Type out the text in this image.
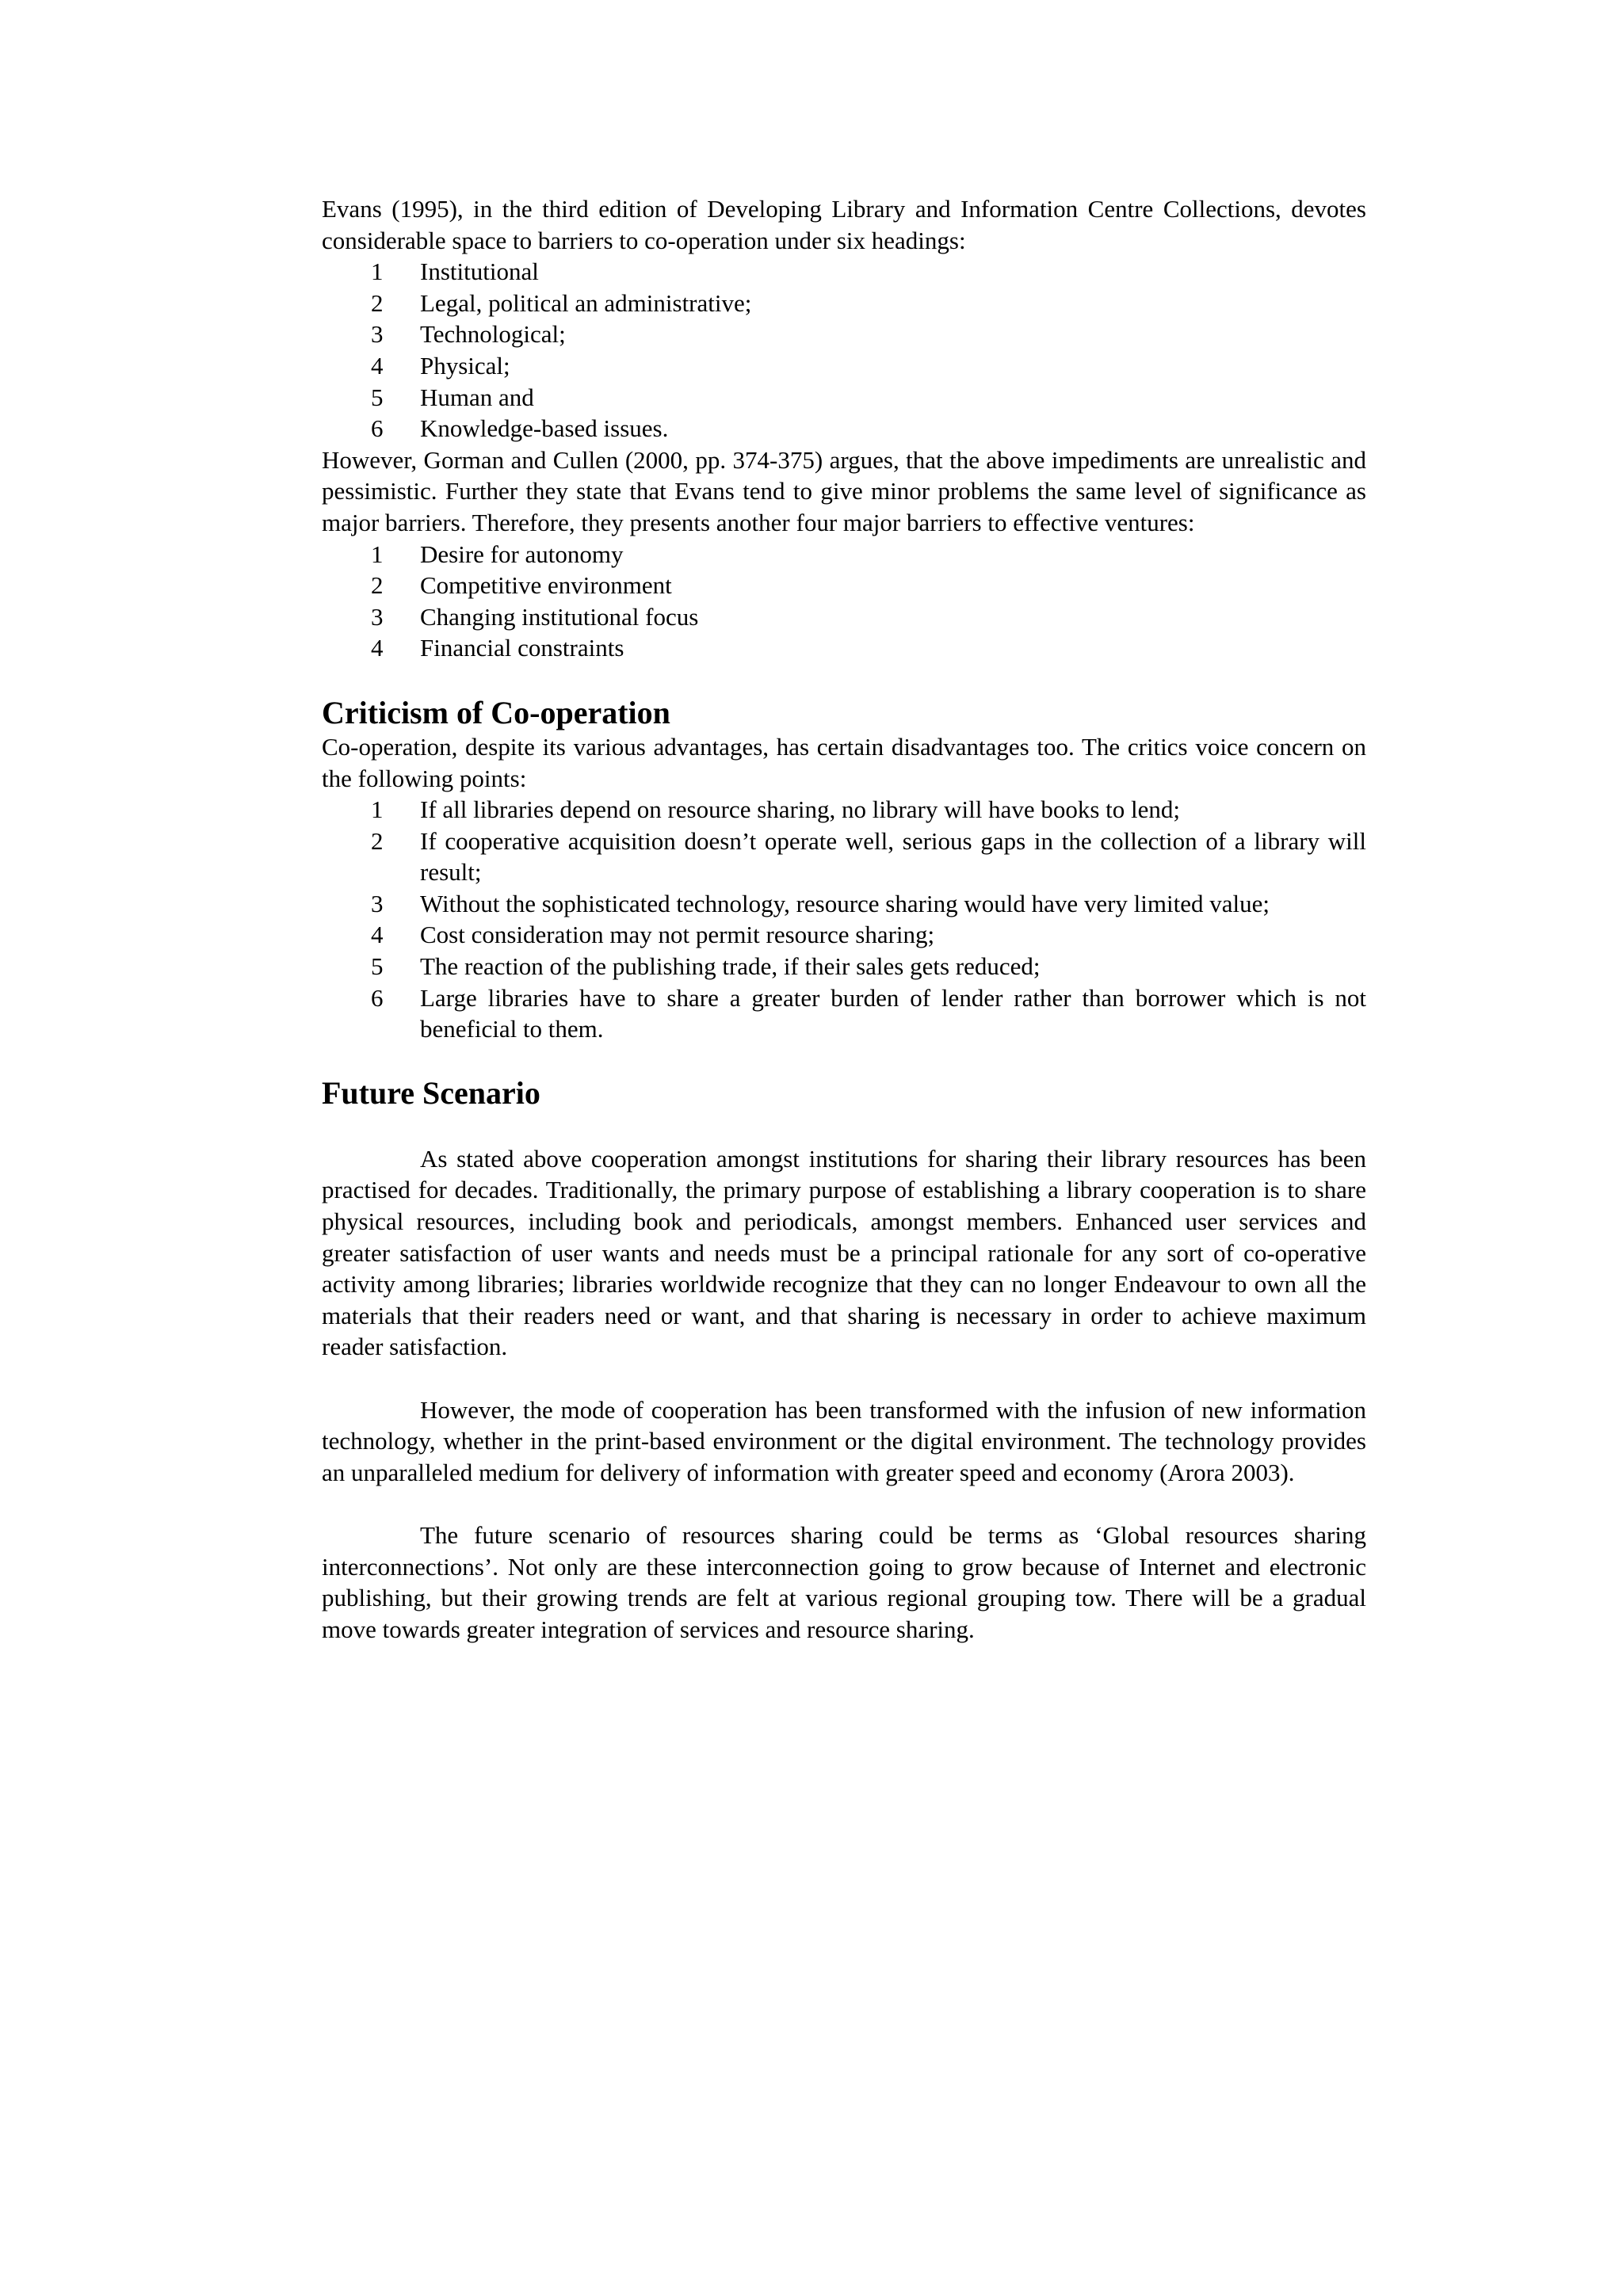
Evans (1995), in the third edition of Developing Library and Information Centre Collections, devotes considerable space to barriers to co-operation under six headings:

1	Institutional
2	Legal, political an administrative;
3	Technological;
4	Physical;
5	Human and
6	Knowledge-based issues.

However, Gorman and Cullen (2000, pp. 374-375) argues, that the above impediments are unrealistic and pessimistic. Further they state that Evans tend to give minor problems the same level of significance as major barriers. Therefore, they presents another four major barriers to effective ventures:

1	Desire for autonomy
2	Competitive environment
3	Changing institutional focus
4	Financial constraints
Criticism of Co-operation

Co-operation, despite its various advantages, has certain disadvantages too. The critics voice concern on the following points:

1	If all libraries depend on resource sharing, no library will have books to lend;
2	If cooperative acquisition doesn’t operate well, serious gaps in the collection of a library will result;
3	Without the sophisticated technology, resource sharing would have very limited value;
4	Cost consideration may not permit resource sharing;
5	The reaction of the publishing trade, if their sales gets reduced;
6	Large libraries have to share a greater burden of lender rather than borrower which is not beneficial to them.
Future Scenario

As stated above cooperation amongst institutions for sharing their library resources has been practised for decades. Traditionally, the primary purpose of establishing a library cooperation is to share physical resources, including book and periodicals, amongst members. Enhanced user services and greater satisfaction of user wants and needs must be a principal rationale for any sort of co-operative activity among libraries; libraries worldwide recognize that they can no longer Endeavour to own all the materials that their readers need or want, and that sharing is necessary in order to achieve maximum reader satisfaction.

However, the mode of cooperation has been transformed with the infusion of new information technology, whether in the print-based environment or the digital environment. The technology provides an unparalleled medium for delivery of information with greater speed and economy (Arora 2003).

The future scenario of resources sharing could be terms as ‘Global resources sharing interconnections’. Not only are these interconnection going to grow because of Internet and electronic publishing, but their growing trends are felt at various regional grouping tow. There will be a gradual move towards greater integration of services and resource sharing.
